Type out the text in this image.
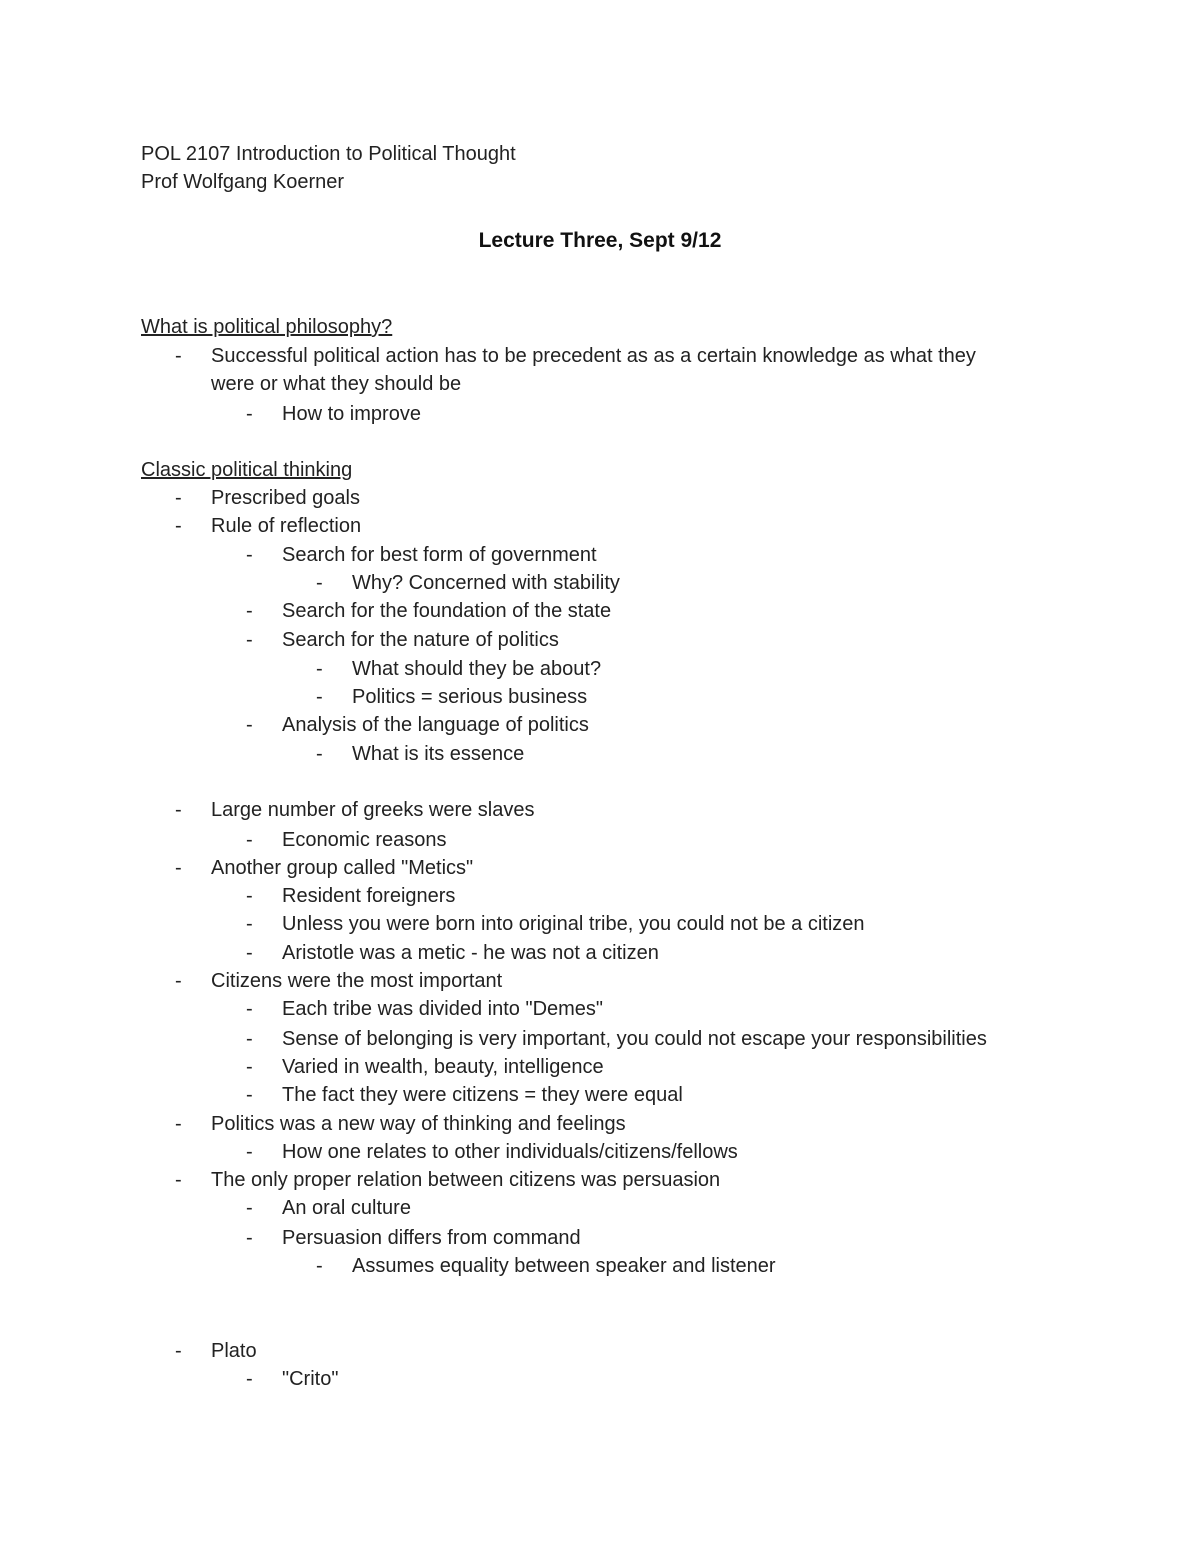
POL 2107 Introduction to Political Thought
Prof Wolfgang Koerner
Lecture Three, Sept 9/12
What is political philosophy?
- Successful political action has to be precedent as as a certain knowledge as what they
were or what they should be
- How to improve
Classic political thinking
- Prescribed goals
- Rule of reflection
- Search for best form of government
- Why? Concerned with stability
- Search for the foundation of the state
- Search for the nature of politics
- What should they be about?
- Politics = serious business
- Analysis of the language of politics
- What is its essence
- Large number of greeks were slaves
- Economic reasons
- Another group called "Metics"
- Resident foreigners
- Unless you were born into original tribe, you could not be a citizen
- Aristotle was a metic - he was not a citizen
- Citizens were the most important
- Each tribe was divided into "Demes"
- Sense of belonging is very important, you could not escape your responsibilities
- Varied in wealth, beauty, intelligence
- The fact they were citizens = they were equal
- Politics was a new way of thinking and feelings
- How one relates to other individuals/citizens/fellows
- The only proper relation between citizens was persuasion
- An oral culture
- Persuasion differs from command
- Assumes equality between speaker and listener
- Plato
- "Crito"
